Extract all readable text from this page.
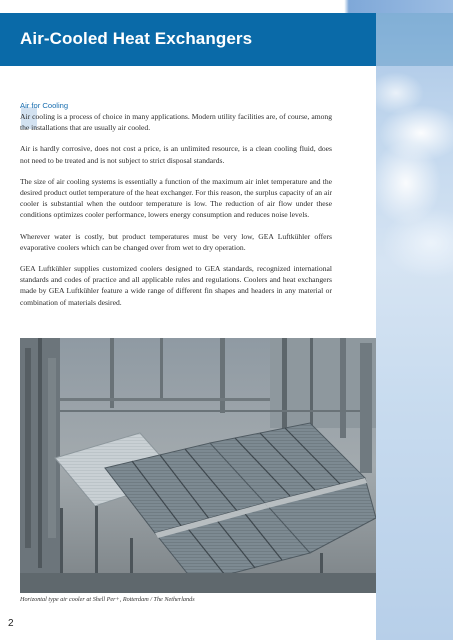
Air-Cooled Heat Exchangers
Air for Cooling

Air cooling is a process of choice in many applications. Modern utility facilities are, of course, among the installations that are usually air cooled.

Air is hardly corrosive, does not cost a price, is an unlimited resource, is a clean cooling fluid, does not need to be treated and is not subject to strict disposal standards.

The size of air cooling systems is essentially a function of the maximum air inlet temperature and the desired product outlet temperature of the heat exchanger. For this reason, the surplus capacity of an air cooler is substantial when the outdoor temperature is low. The reduction of air flow under these conditions optimizes cooler performance, lowers energy consumption and reduces noise levels.

Wherever water is costly, but product temperatures must be very low, GEA Luftkühler offers evaporative coolers which can be changed over from wet to dry operation.

GEA Luftkühler supplies customized coolers designed to GEA standards, recognized international standards and codes of practice and all applicable rules and regulations. Coolers and heat exchangers made by GEA Luftkühler feature a wide range of different fin shapes and headers in any material or combination of materials desired.

Horizontal type air cooler at Shell Per+, Rotterdam / The Netherlands
2
